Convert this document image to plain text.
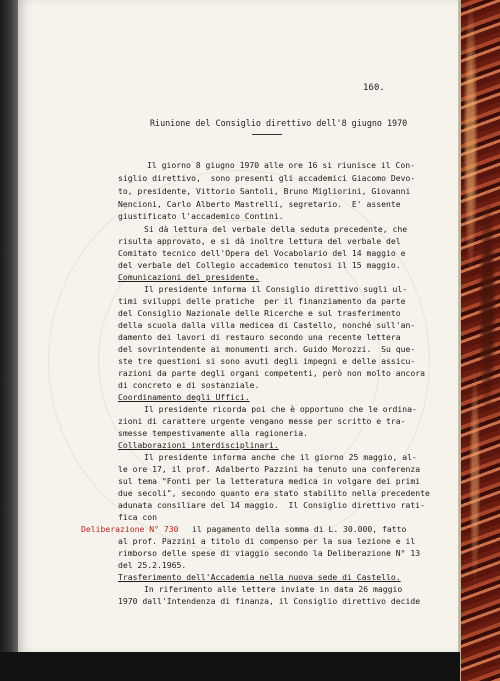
160.
Riunione del Consiglio direttivo dell'8 giugno 1970
Il giorno 8 giugno 1970 alle ore 16 si riunisce il Con-
siglio direttivo,  sono presenti gli accademici Giacomo Devo-
to, presidente, Vittorio Santoli, Bruno Migliorini, Giovanni
Nencioni, Carlo Alberto Mastrelli, segretario.  E' assente
giustificato l'accademico Contini.
Si dà lettura del verbale della seduta precedente, che
risulta approvato, e si dà inoltre lettura del verbale del
Comitato tecnico dell'Opera del Vocabolario del 14 maggio e
del verbale del Collegio accademico tenutosi il 15 maggio.
Comunicazioni del presidente.
Il presidente informa il Consiglio direttivo sugli ul-
timi sviluppi delle pratiche  per il finanziamento da parte
del Consiglio Nazionale delle Ricerche e sul trasferimento
della scuola dalla villa medicea di Castello, nonché sull'an-
damento dei lavori di restauro secondo una recente lettera
del sovrintendente ai monumenti arch. Guido Morozzi.  Su que-
ste tre questioni si sono avuti degli impegni e delle assicu-
razioni da parte degli organi competenti, però non molto ancora
di concreto e di sostanziale.
Coordinamento degli Uffici.
Il presidente ricorda poi che è opportuno che le ordina-
zioni di carattere urgente vengano messe per scritto e tra-
smesse tempestivamente alla ragioneria.
Collaborazioni interdisciplinari.
Il presidente informa anche che il giorno 25 maggio, al-
le ore 17, il prof. Adalberto Pazzini ha tenuto una conferenza
sul tema "Fonti per la letteratura medica in volgare dei primi
due secoli", secondo quanto era stato stabilito nella precedente
adunata consiliare del 14 maggio.  Il Consiglio direttivo rati-
fica con
il pagamento della somma di L. 30.000, fatto
al prof. Pazzini a titolo di compenso per la sua lezione e il
rimborso delle spese di viaggio secondo la Deliberazione N° 13
del 25.2.1965.
Trasferimento dell'Accademia nella nuova sede di Castello.
In riferimento alle lettere inviate in data 26 maggio
1970 dall'Intendenza di finanza, il Consiglio direttivo decide
Deliberazione N° 730
